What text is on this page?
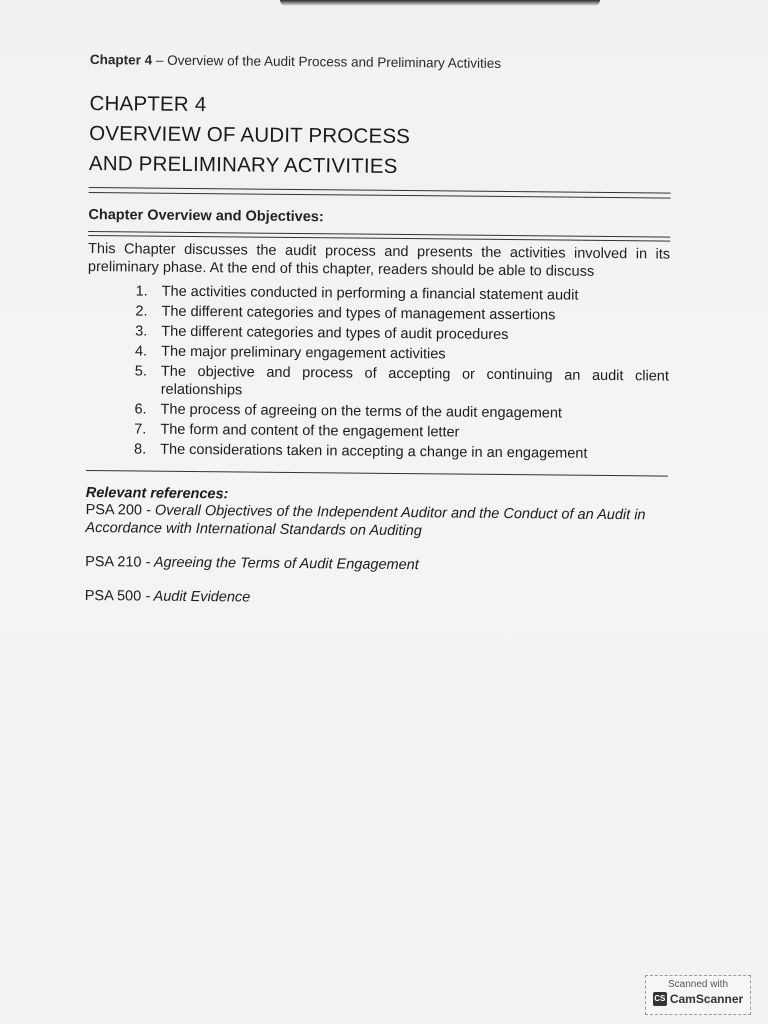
Chapter 4 – Overview of the Audit Process and Preliminary Activities

CHAPTER 4
OVERVIEW OF AUDIT PROCESS
AND PRELIMINARY ACTIVITIES

Chapter Overview and Objectives:

This Chapter discusses the audit process and presents the activities involved in its preliminary phase. At the end of this chapter, readers should be able to discuss

1. The activities conducted in performing a financial statement audit
2. The different categories and types of management assertions
3. The different categories and types of audit procedures
4. The major preliminary engagement activities
5. The objective and process of accepting or continuing an audit client relationships
6. The process of agreeing on the terms of the audit engagement
7. The form and content of the engagement letter
8. The considerations taken in accepting a change in an engagement

Relevant references:

PSA 200 - Overall Objectives of the Independent Auditor and the Conduct of an Audit in Accordance with International Standards on Auditing

PSA 210 - Agreeing the Terms of Audit Engagement

PSA 500 - Audit Evidence

Scanned with
CS CamScanner
